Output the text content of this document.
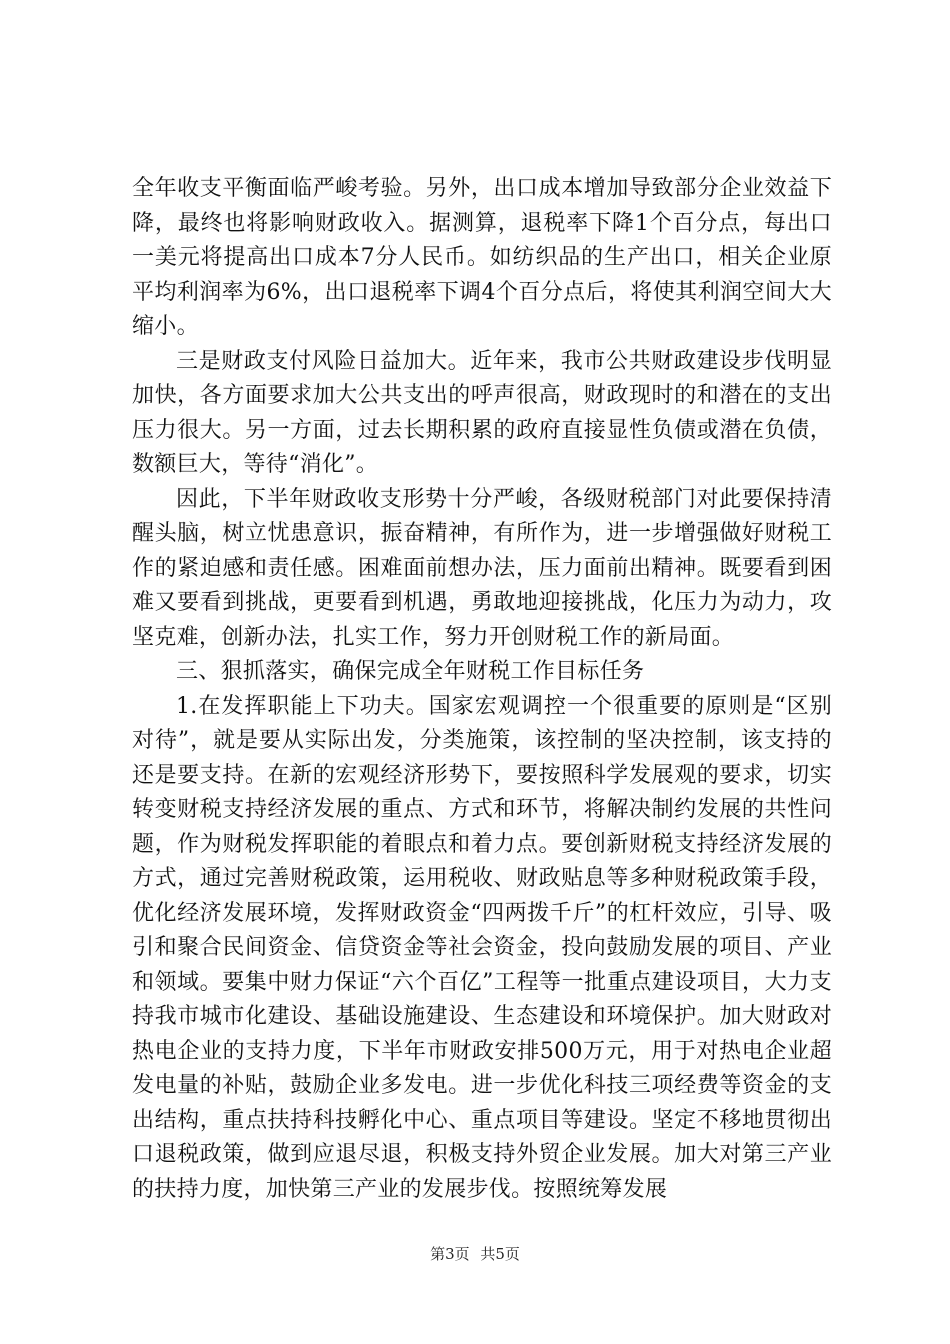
全年收支平衡面临严峻考验。另外，出口成本增加导致部分企业效益下降，最终也将影响财政收入。据测算，退税率下降1个百分点，每出口一美元将提高出口成本7分人民币。如纺织品的生产出口，相关企业原平均利润率为6%，出口退税率下调4个百分点后，将使其利润空间大大缩小。

三是财政支付风险日益加大。近年来，我市公共财政建设步伐明显加快，各方面要求加大公共支出的呼声很高，财政现时的和潜在的支出压力很大。另一方面，过去长期积累的政府直接显性负债或潜在负债，数额巨大，等待“消化”。

因此，下半年财政收支形势十分严峻，各级财税部门对此要保持清醒头脑，树立忧患意识，振奋精神，有所作为，进一步增强做好财税工作的紧迫感和责任感。困难面前想办法，压力面前出精神。既要看到困难又要看到挑战，更要看到机遇，勇敢地迎接挑战，化压力为动力，攻坚克难，创新办法，扎实工作，努力开创财税工作的新局面。

三、狠抓落实，确保完成全年财税工作目标任务

1.在发挥职能上下功夫。国家宏观调控一个很重要的原则是“区别对待”，就是要从实际出发，分类施策，该控制的坚决控制，该支持的还是要支持。在新的宏观经济形势下，要按照科学发展观的要求，切实转变财税支持经济发展的重点、方式和环节，将解决制约发展的共性问题，作为财税发挥职能的着眼点和着力点。要创新财税支持经济发展的方式，通过完善财税政策，运用税收、财政贴息等多种财税政策手段，优化经济发展环境，发挥财政资金“四两拨千斤”的杠杆效应，引导、吸引和聚合民间资金、信贷资金等社会资金，投向鼓励发展的项目、产业和领域。要集中财力保证“六个百亿”工程等一批重点建设项目，大力支持我市城市化建设、基础设施建设、生态建设和环境保护。加大财政对热电企业的支持力度，下半年市财政安排500万元，用于对热电企业超发电量的补贴，鼓励企业多发电。进一步优化科技三项经费等资金的支出结构，重点扶持科技孵化中心、重点项目等建设。坚定不移地贯彻出口退税政策，做到应退尽退，积极支持外贸企业发展。加大对第三产业的扶持力度，加快第三产业的发展步伐。按照统筹发展

第3页 共5页
